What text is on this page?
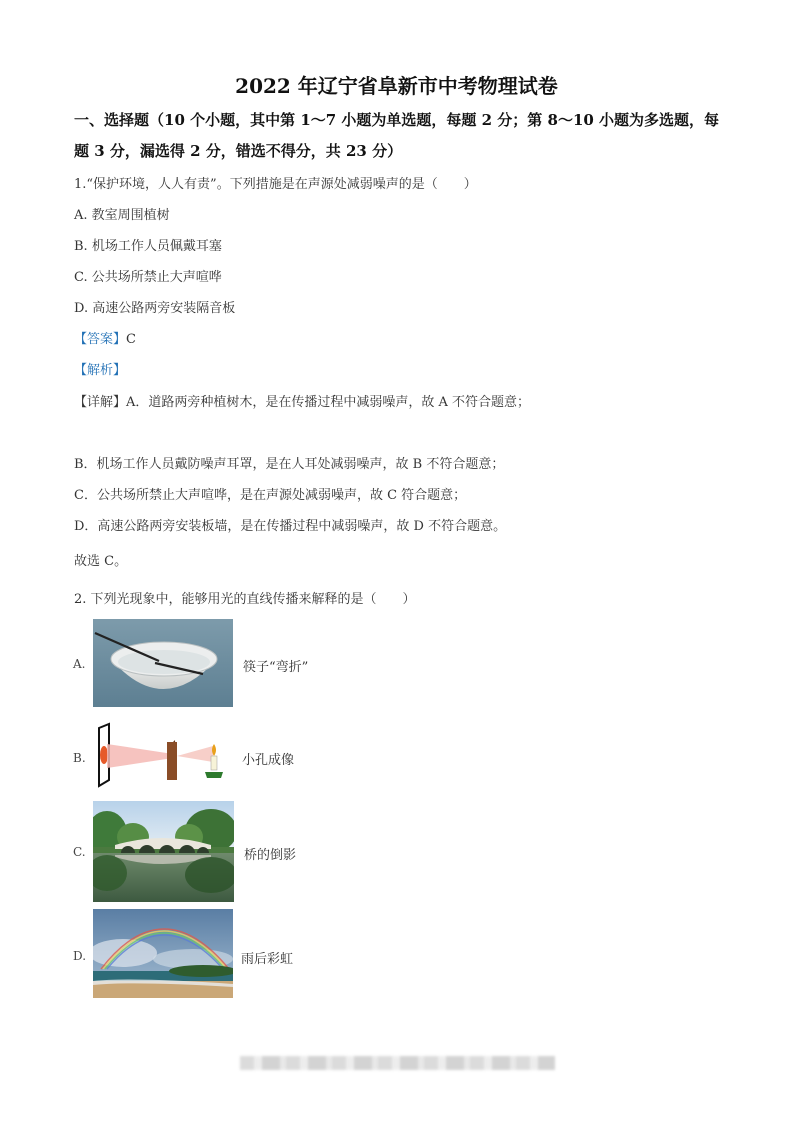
2022 年辽宁省阜新市中考物理试卷
一、选择题（10 个小题，其中第 1～7 小题为单选题，每题 2 分；第 8～10 小题为多选题，每
题 3 分，漏选得 2 分，错选不得分，共 23 分）
1.“保护环境，人人有责”。下列措施是在声源处减弱噪声的是（　　）
A. 教室周围植树
B. 机场工作人员佩戴耳塞
C. 公共场所禁止大声喧哗
D. 高速公路两旁安装隔音板
【答案】C
【解析】
【详解】A．道路两旁种植树木，是在传播过程中减弱噪声，故 A 不符合题意；
B．机场工作人员戴防噪声耳罩，是在人耳处减弱噪声，故 B 不符合题意；
C．公共场所禁止大声喧哗，是在声源处减弱噪声，故 C 符合题意；
D．高速公路两旁安装板墙，是在传播过程中减弱噪声，故 D 不符合题意。
故选 C。
2. 下列光现象中，能够用光的直线传播来解释的是（　　）
A.	筷子“弯折”
B.	小孔成像
C.	桥的倒影
D.	雨后彩虹
